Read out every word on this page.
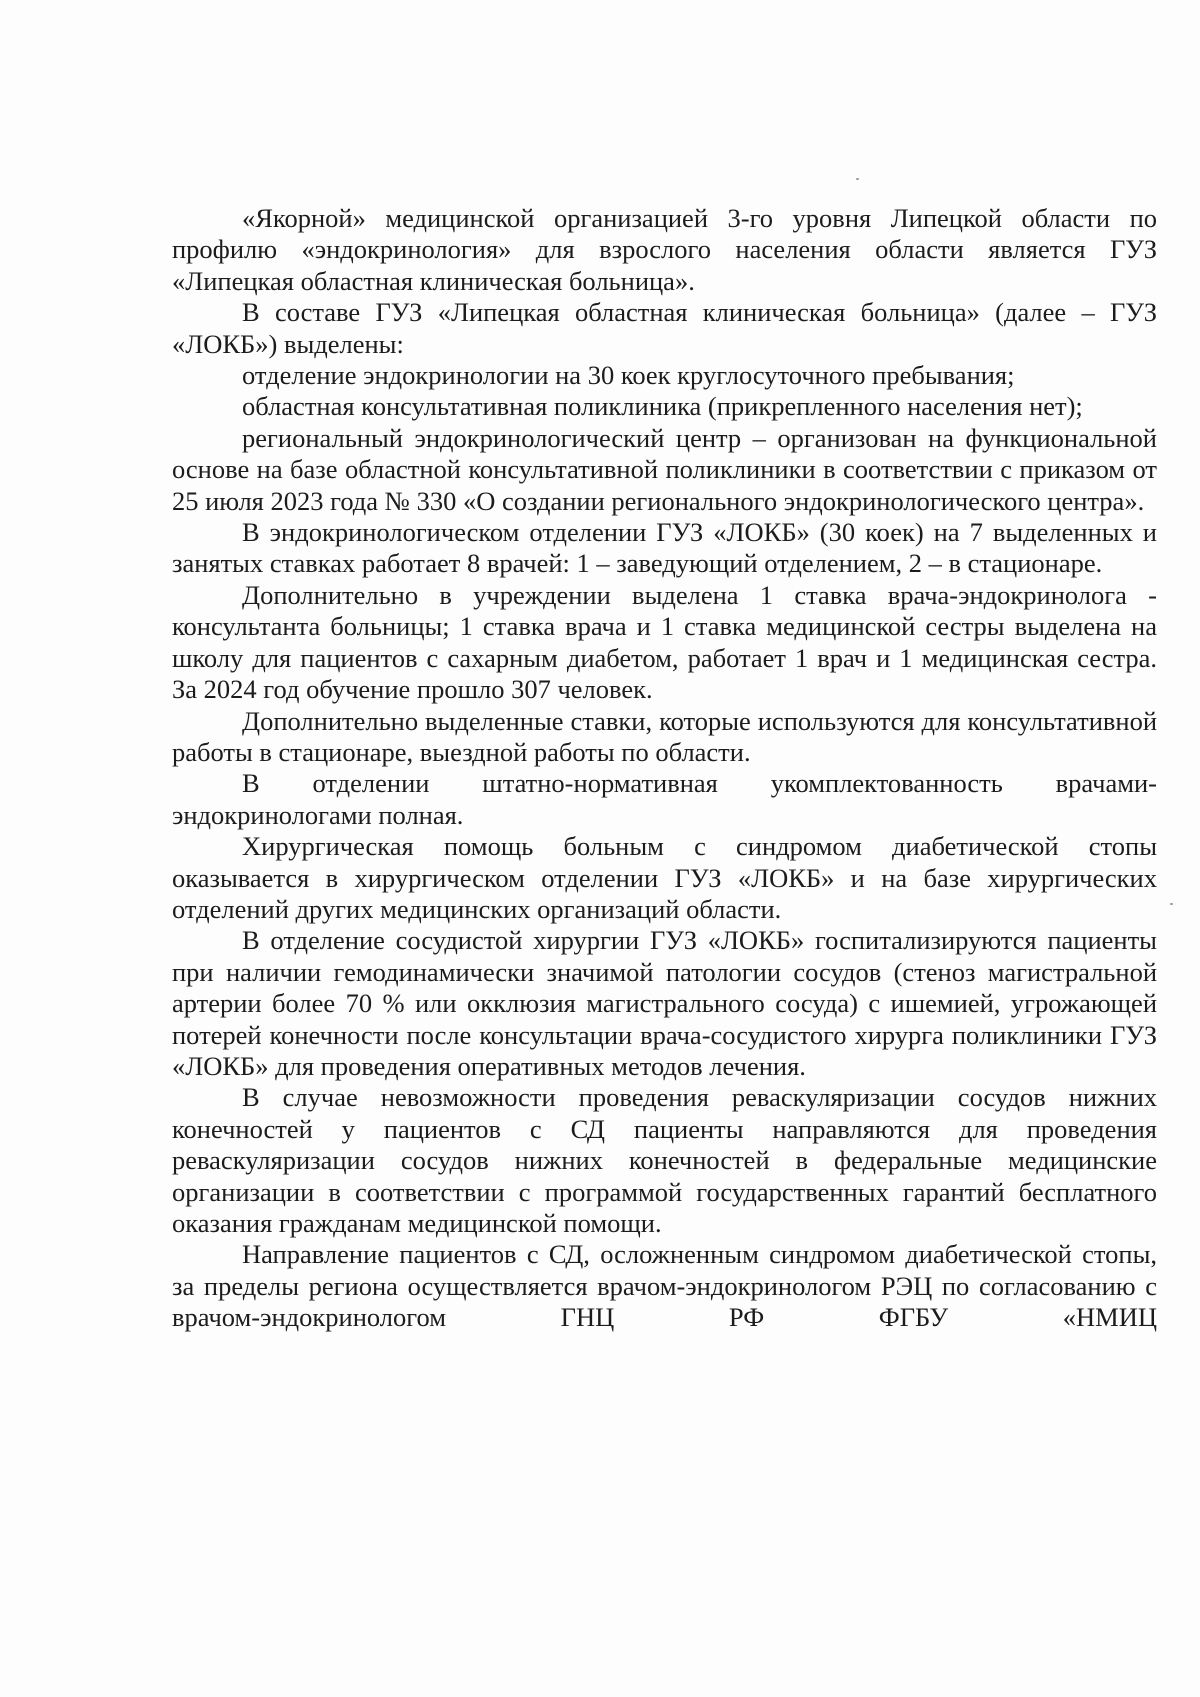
«Якорной» медицинской организацией 3-го уровня Липецкой области по профилю «эндокринология» для взрослого населения области является ГУЗ «Липецкая областная клиническая больница».

В составе ГУЗ «Липецкая областная клиническая больница» (далее – ГУЗ «ЛОКБ») выделены:

отделение эндокринологии на 30 коек круглосуточного пребывания;

областная консультативная поликлиника (прикрепленного населения нет);

региональный эндокринологический центр – организован на функциональной основе на базе областной консультативной поликлиники в соответствии с приказом от 25 июля 2023 года № 330 «О создании регионального эндокринологического центра».

В эндокринологическом отделении ГУЗ «ЛОКБ» (30 коек) на 7 выделенных и занятых ставках работает 8 врачей: 1 – заведующий отделением, 2 – в стационаре.

Дополнительно в учреждении выделена 1 ставка врача-эндокринолога - консультанта больницы; 1 ставка врача и 1 ставка медицинской сестры выделена на школу для пациентов с сахарным диабетом, работает 1 врач и 1 медицинская сестра. За 2024 год обучение прошло 307 человек.

Дополнительно выделенные ставки, которые используются для консультативной работы в стационаре, выездной работы по области.

В отделении штатно-нормативная укомплектованность врачами-эндокринологами полная.

Хирургическая помощь больным с синдромом диабетической стопы оказывается в хирургическом отделении ГУЗ «ЛОКБ» и на базе хирургических отделений других медицинских организаций области.

В отделение сосудистой хирургии ГУЗ «ЛОКБ» госпитализируются пациенты при наличии гемодинамически значимой патологии сосудов (стеноз магистральной артерии более 70 % или окклюзия магистрального сосуда) с ишемией, угрожающей потерей конечности после консультации врача-сосудистого хирурга поликлиники ГУЗ «ЛОКБ» для проведения оперативных методов лечения.

В случае невозможности проведения реваскуляризации сосудов нижних конечностей у пациентов с СД пациенты направляются для проведения реваскуляризации сосудов нижних конечностей в федеральные медицинские организации в соответствии с программой государственных гарантий бесплатного оказания гражданам медицинской помощи.

Направление пациентов с СД, осложненным синдромом диабетической стопы, за пределы региона осуществляется врачом-эндокринологом РЭЦ по согласованию с врачом-эндокринологом ГНЦ РФ ФГБУ «НМИЦ
